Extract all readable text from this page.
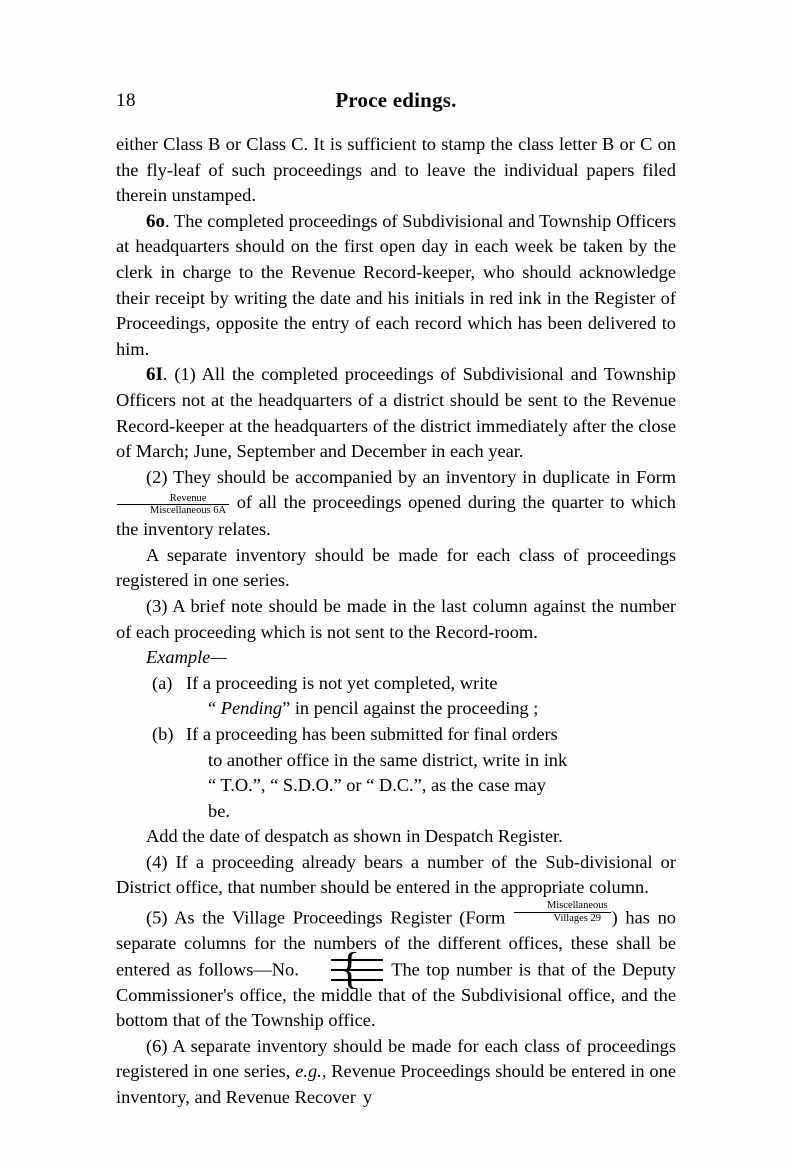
18	Proce edings.

either Class B or Class C. It is sufficient to stamp the class letter B or C on the fly-leaf of such proceedings and to leave the individual papers filed therein unstamped.

6o. The completed proceedings of Subdivisional and Township Officers at headquarters should on the first open day in each week be taken by the clerk in charge to the Revenue Record-keeper, who should acknowledge their receipt by writing the date and his initials in red ink in the Register of Proceedings, opposite the entry of each record which has been delivered to him.

6I. (1) All the completed proceedings of Subdivisional and Township Officers not at the headquarters of a district should be sent to the Revenue Record-keeper at the headquarters of the district immediately after the close of March; June, September and December in each year.

(2) They should be accompanied by an inventory in duplicate in Form
$\frac{\text{Revenue}}{\text{Miscellaneous 6A}}$ of all the proceedings opened during the quarter to which the inventory relates.

A separate inventory should be made for each class of proceedings registered in one series.

(3) A brief note should be made in the last column against the number of each proceeding which is not sent to the Record-room.

Example—

(a) If a proceeding is not yet completed, write
“ Pending” in pencil against the proceeding ;

(b) If a proceeding has been submitted for final orders
to another office in the same district, write in ink
“ T.O.”, “ S.D.O.” or “ D.C.”, as the case may
be.

Add the date of despatch as shown in Despatch Register.

(4) If a proceeding already bears a number of the Sub-divisional or District office, that number should be entered in the appropriate column.

(5) As the Village Proceedings Register (Form $\frac{\text{Miscellaneous}}{\text{Villages 29}}$ ) has no separate columns for the numbers of the different offices, these shall be entered as follows—No. { The top number is that of the Deputy Commissioner's office, the middle that of the Subdivisional office, and the bottom that of the Township office.

(6) A separate inventory should be made for each class of proceedings registered in one series, e.g., Revenue Proceedings should be entered in one inventory, and Revenue Recover y
